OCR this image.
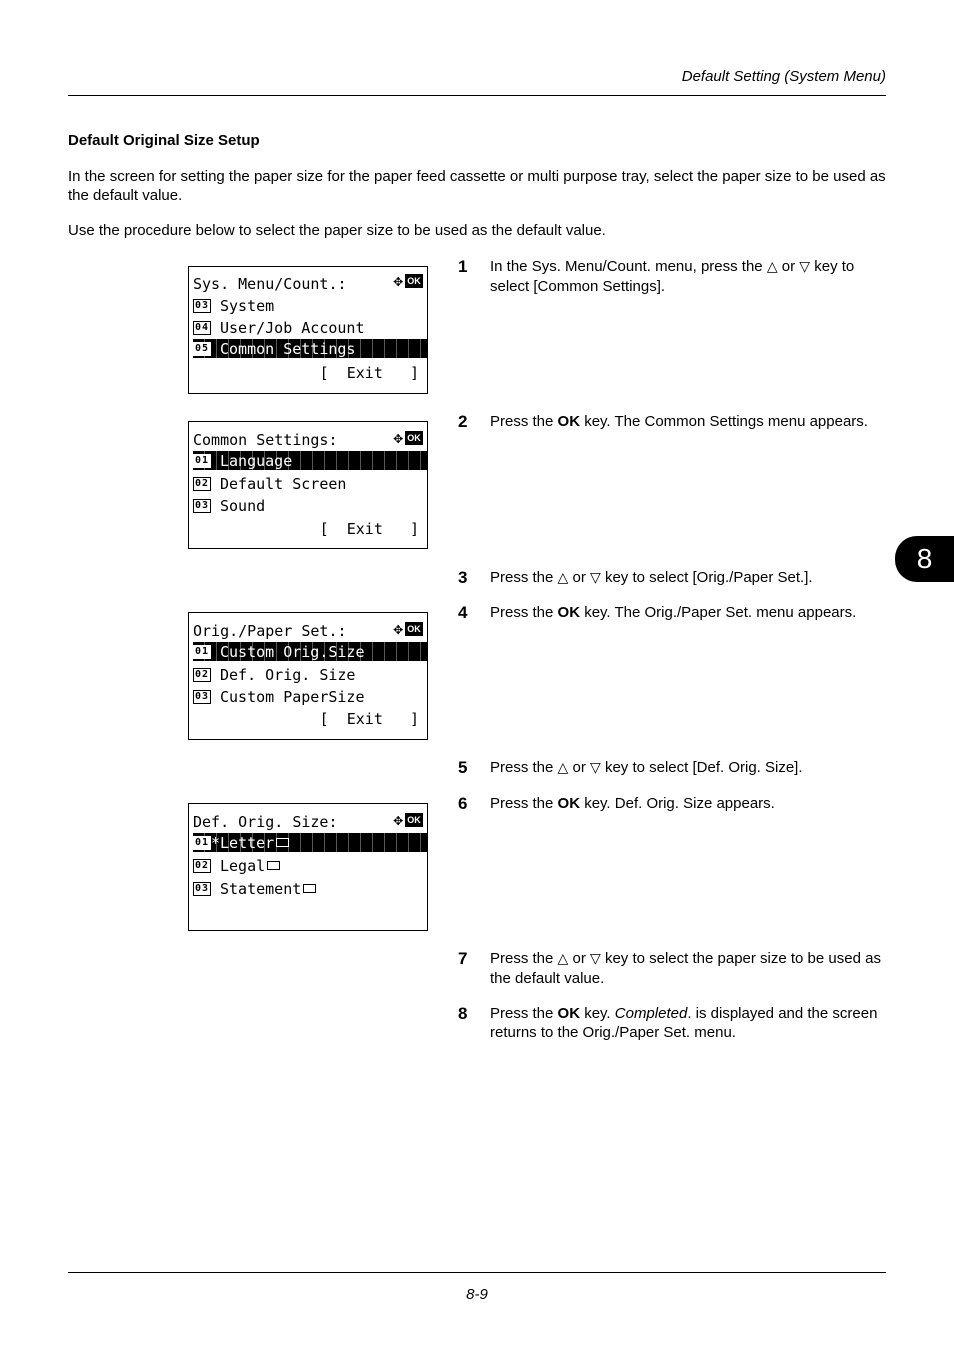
Default Setting (System Menu)
Default Original Size Setup
In the screen for setting the paper size for the paper feed cassette or multi purpose tray, select the paper size to be used as the default value.
Use the procedure below to select the paper size to be used as the default value.
8
Sys. Menu/Count.:	✥ OK
03 System
04 User/Job Account
05 Common Settings
[  Exit   ]
Common Settings:	✥ OK
01 Language
02 Default Screen
03 Sound
[  Exit   ]
Orig./Paper Set.:	✥ OK
01 Custom Orig.Size
02 Def. Orig. Size
03 Custom PaperSize
[  Exit   ]
Def. Orig. Size:	✥ OK
01 *Letter
02 Legal
03 Statement
1	In the Sys. Menu/Count. menu, press the △ or ▽ key to select [Common Settings].
2	Press the OK key. The Common Settings menu appears.
3	Press the △ or ▽ key to select [Orig./Paper Set.].
4	Press the OK key. The Orig./Paper Set. menu appears.
5	Press the △ or ▽ key to select [Def. Orig. Size].
6	Press the OK key. Def. Orig. Size appears.
7	Press the △ or ▽ key to select the paper size to be used as the default value.
8	Press the OK key. Completed. is displayed and the screen returns to the Orig./Paper Set. menu.
8-9
